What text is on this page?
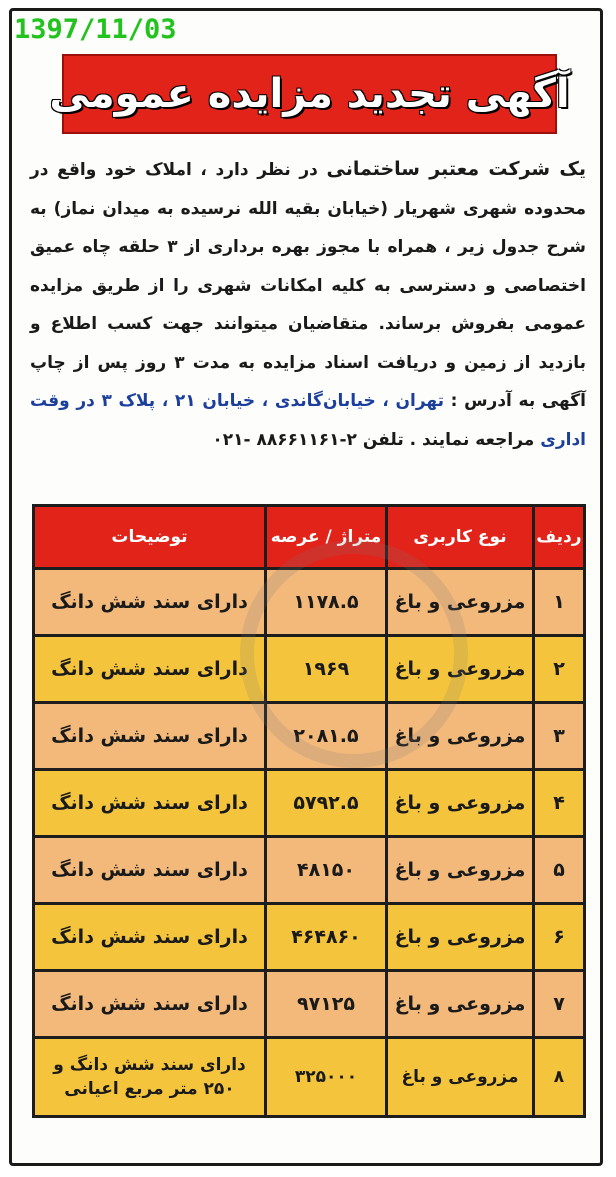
1397/11/03
آگهی تجدید مزایده عمومی
یک شرکت معتبر ساختمانی در نظر دارد ، املاک خود واقع در محدوده شهری شهریار (خیابان بقیه الله نرسیده به میدان نماز) به شرح جدول زیر ، همراه با مجوز بهره برداری از ۳ حلقه چاه عمیق اختصاصی و دسترسی به کلیه امکانات شهری را از طریق مزایده عمومی بفروش برساند. متقاضیان میتوانند جهت کسب اطلاع و بازدید از زمین و دریافت اسناد مزایده به مدت ۳ روز پس از چاپ آگهی به آدرس : تهران ، خیابان‌گاندی ، خیابان ۲۱ ، پلاک ۳ در وقت اداری مراجعه نمایند . تلفن ۲-۸۸۶۶۱۱۶۱ -۰۲۱
ردیف	نوع کاربری	متراژ / عرصه	توضیحات
۱	مزروعی و باغ	۱۱۷۸.۵	دارای سند شش دانگ
۲	مزروعی و باغ	۱۹۶۹	دارای سند شش دانگ
۳	مزروعی و باغ	۲۰۸۱.۵	دارای سند شش دانگ
۴	مزروعی و باغ	۵۷۹۲.۵	دارای سند شش دانگ
۵	مزروعی و باغ	۴۸۱۵۰	دارای سند شش دانگ
۶	مزروعی و باغ	۴۶۴۸۶۰	دارای سند شش دانگ
۷	مزروعی و باغ	۹۷۱۲۵	دارای سند شش دانگ
۸	مزروعی و باغ	۳۲۵۰۰۰	دارای سند شش دانگ و ۲۵۰ متر مربع اعیانی
